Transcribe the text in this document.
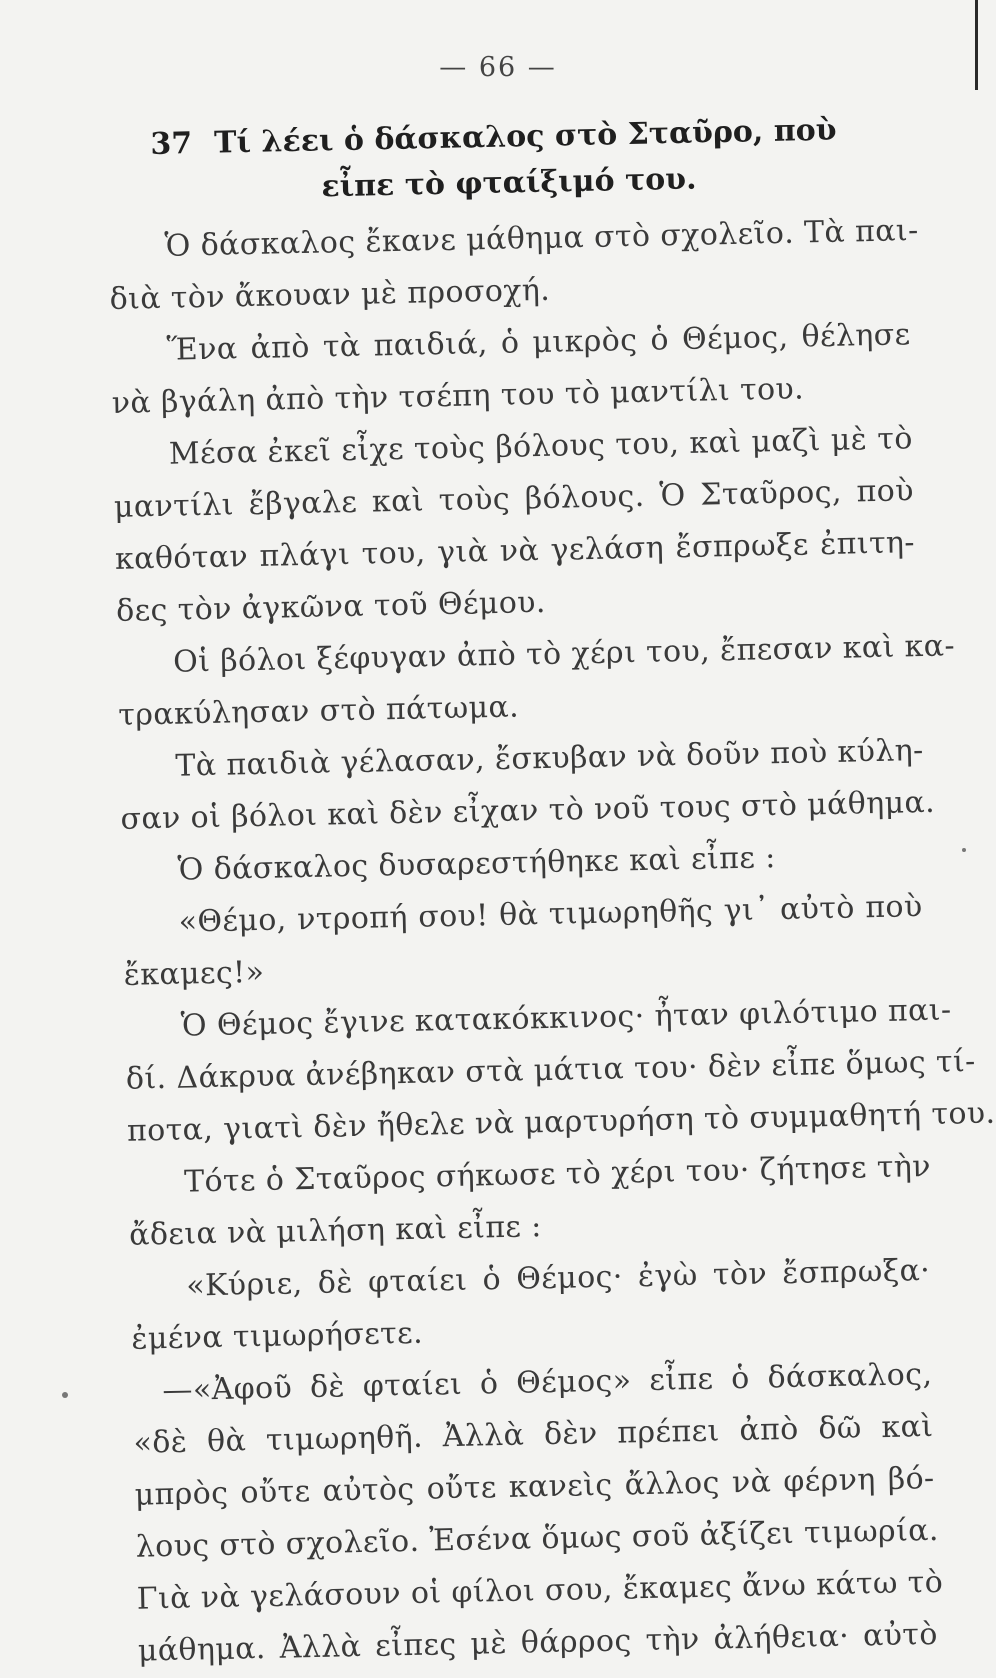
— 66 —
37 Τί λέει ὁ δάσκαλος στὸ Σταῦρο, ποὺ
εἶπε τὸ φταίξιμό του.
Ὁ δάσκαλος ἔκανε μάθημα στὸ σχολεῖο. Τὰ παι-
διὰ τὸν ἄκουαν μὲ προσοχή.
Ἕνα ἀπὸ τὰ παιδιά, ὁ μικρὸς ὁ Θέμος, θέλησε
νὰ βγάλη ἀπὸ τὴν τσέπη του τὸ μαντίλι του.
Μέσα ἐκεῖ εἶχε τοὺς βόλους του, καὶ μαζὶ μὲ τὸ
μαντίλι ἔβγαλε καὶ τοὺς βόλους. Ὁ Σταῦρος, ποὺ
καθόταν πλάγι του, γιὰ νὰ γελάση ἔσπρωξε ἐπιτη-
δες τὸν ἀγκῶνα τοῦ Θέμου.
Οἱ βόλοι ξέφυγαν ἀπὸ τὸ χέρι του, ἔπεσαν καὶ κα-
τρακύλησαν στὸ πάτωμα.
Τὰ παιδιὰ γέλασαν, ἔσκυβαν νὰ δοῦν ποὺ κύλη-
σαν οἱ βόλοι καὶ δὲν εἶχαν τὸ νοῦ τους στὸ μάθημα.
Ὁ δάσκαλος δυσαρεστήθηκε καὶ εἶπε :
«Θέμο, ντροπή σου! θὰ τιμωρηθῆς γι᾽ αὐτὸ ποὺ
ἔκαμες!»
Ὁ Θέμος ἔγινε κατακόκκινος· ἦταν φιλότιμο παι-
δί. Δάκρυα ἀνέβηκαν στὰ μάτια του· δὲν εἶπε ὅμως τί-
ποτα, γιατὶ δὲν ἤθελε νὰ μαρτυρήση τὸ συμμαθητή του.
Τότε ὁ Σταῦρος σήκωσε τὸ χέρι του· ζήτησε τὴν
ἄδεια νὰ μιλήση καὶ εἶπε :
«Κύριε, δὲ φταίει ὁ Θέμος· ἐγὼ τὸν ἔσπρωξα·
ἐμένα τιμωρήσετε.
—«Ἀφοῦ δὲ φταίει ὁ Θέμος» εἶπε ὁ δάσκαλος,
«δὲ θὰ τιμωρηθῆ. Ἀλλὰ δὲν πρέπει ἀπὸ δῶ καὶ
μπρὸς οὔτε αὐτὸς οὔτε κανεὶς ἄλλος νὰ φέρνη βό-
λους στὸ σχολεῖο. Ἐσένα ὅμως σοῦ ἀξίζει τιμωρία.
Γιὰ νὰ γελάσουν οἱ φίλοι σου, ἔκαμες ἄνω κάτω τὸ
μάθημα. Ἀλλὰ εἶπες μὲ θάρρος τὴν ἀλήθεια· αὐτὸ
